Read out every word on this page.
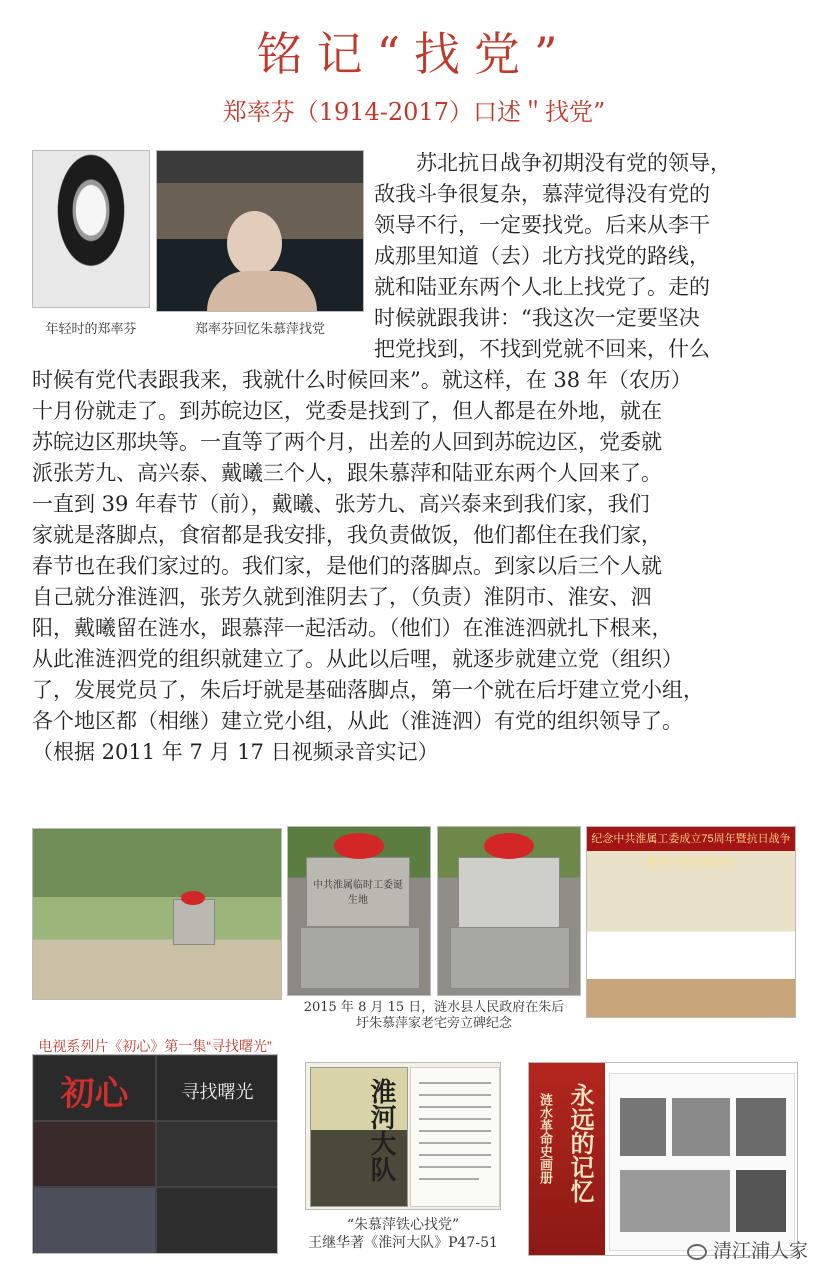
铭记“找党”
郑率芬（1914-2017）口述＂找党”
年轻时的郑率芬	郑率芬回忆朱慕萍找党
苏北抗日战争初期没有党的领导，
敌我斗争很复杂，慕萍觉得没有党的
领导不行，一定要找党。后来从李干
成那里知道（去）北方找党的路线，
就和陆亚东两个人北上找党了。走的
时候就跟我讲：“我这次一定要坚决
把党找到，不找到党就不回来，什么
时候有党代表跟我来，我就什么时候回来”。就这样，在 38 年（农历）
十月份就走了。到苏皖边区，党委是找到了，但人都是在外地，就在
苏皖边区那块等。一直等了两个月，出差的人回到苏皖边区，党委就
派张芳九、高兴泰、戴曦三个人，跟朱慕萍和陆亚东两个人回来了。
一直到 39 年春节（前），戴曦、张芳九、高兴泰来到我们家，我们
家就是落脚点，食宿都是我安排，我负责做饭，他们都住在我们家，
春节也在我们家过的。我们家，是他们的落脚点。到家以后三个人就
自己就分淮涟泗，张芳久就到淮阴去了，（负责）淮阴市、淮安、泗
阳，戴曦留在涟水，跟慕萍一起活动。（他们）在淮涟泗就扎下根来，
从此淮涟泗党的组织就建立了。从此以后哩，就逐步就建立党（组织）
了，发展党员了，朱后圩就是基础落脚点，第一个就在后圩建立党小组，
各个地区都（相继）建立党小组，从此（淮涟泗）有党的组织领导了。
（根据 2011 年 7 月 17 日视频录音实记）
中共淮属临时工委诞生地
纪念中共淮属工委成立75周年暨抗日战争胜利70周年座谈会
2015 年 8 月 15 日，涟水县人民政府在朱后
圩朱慕萍家老宅旁立碑纪念
电视系列片《初心》第一集“寻找曙光”
初心	寻找曙光	淮河大队
“朱慕萍铁心找党”
王继华著《淮河大队》P47-51
永远的记忆
涟水革命史画册
清江浦人家
